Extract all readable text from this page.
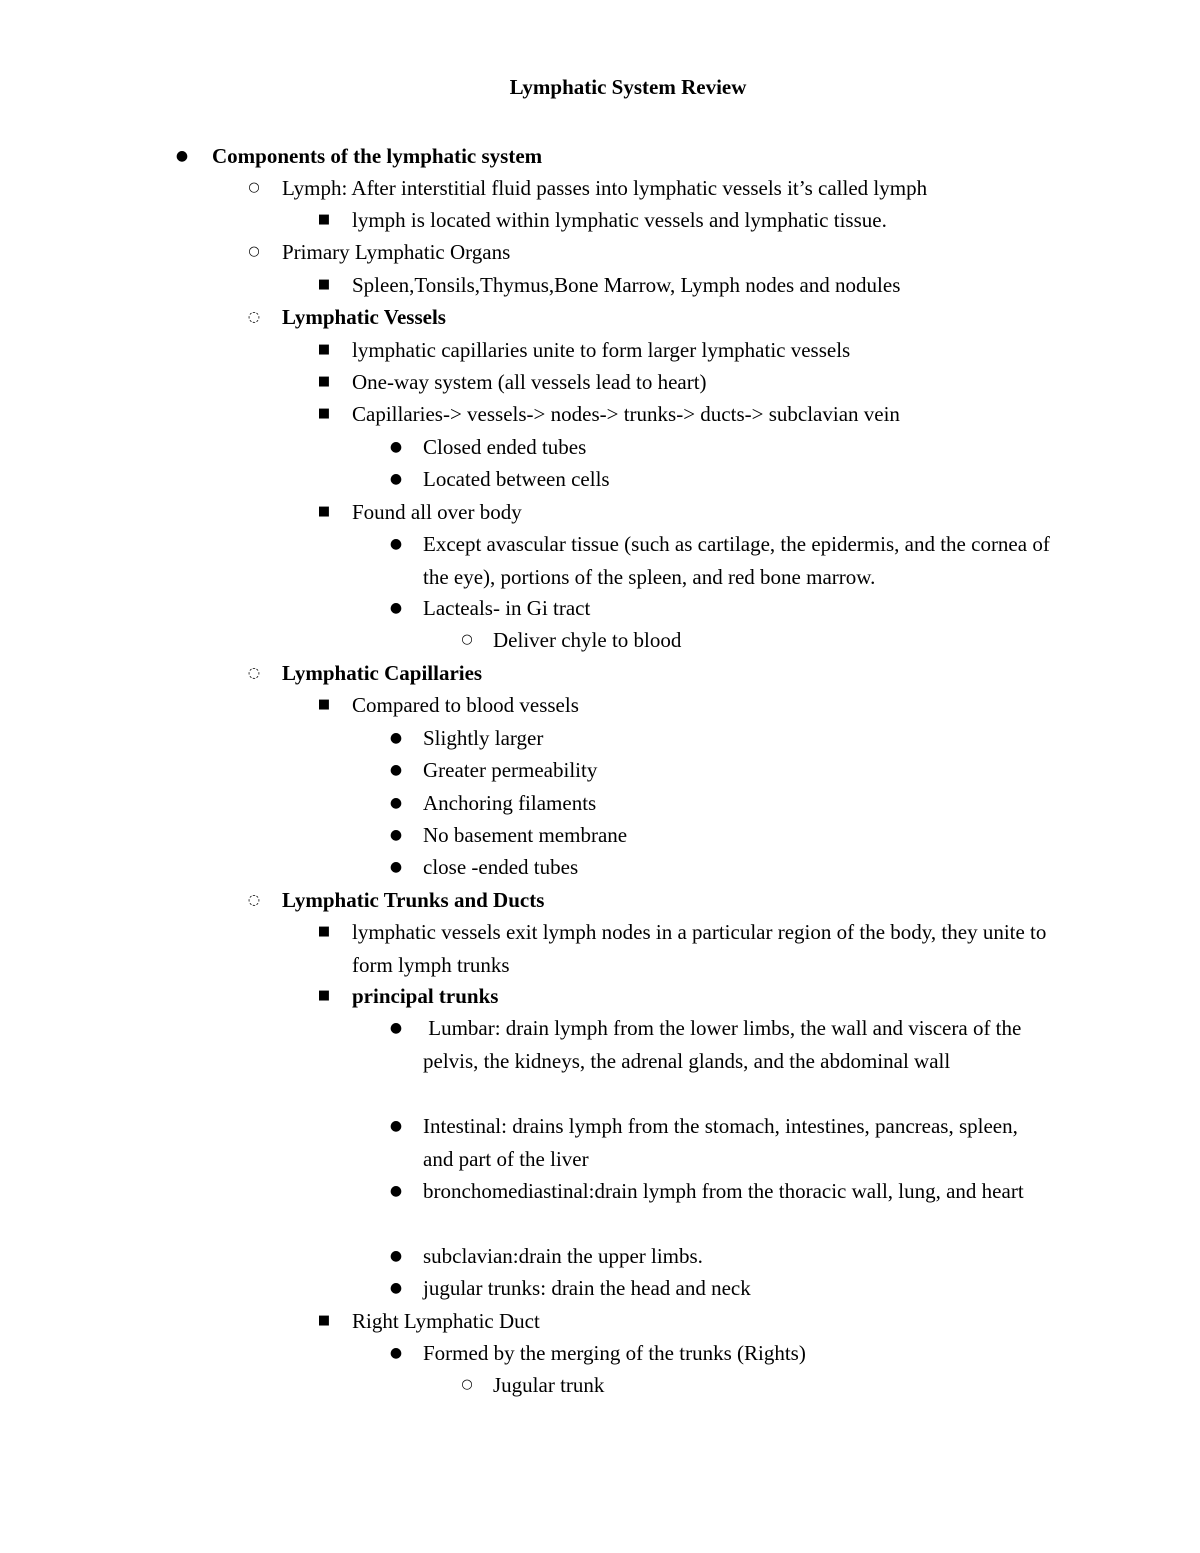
Lymphatic System Review
● Components of the lymphatic system
○	Lymph: After interstitial fluid passes into lymphatic vessels it’s called lymph
■ lymph is located within lymphatic vessels and lymphatic tissue.
○	Primary Lymphatic Organs
■ Spleen,Tonsils,Thymus,Bone Marrow, Lymph nodes and nodules
◌ Lymphatic Vessels
■ lymphatic capillaries unite to form larger lymphatic vessels
■ One-way system (all vessels lead to heart)
■ Capillaries-> vessels-> nodes-> trunks-> ducts-> subclavian vein
● Closed ended tubes
● Located between cells
■ Found all over body
● Except avascular tissue (such as cartilage, the epidermis, and the cornea of the eye), portions of the spleen, and red bone marrow.
● Lacteals- in Gi tract
○ Deliver chyle to blood
◌ Lymphatic Capillaries
■ Compared to blood vessels
● Slightly larger
● Greater permeability
● Anchoring filaments
● No basement membrane
● close -ended tubes
◌ Lymphatic Trunks and Ducts
■ lymphatic vessels exit lymph nodes in a particular region of the body, they unite to form lymph trunks
■ principal trunks
● Lumbar: drain lymph from the lower limbs, the wall and viscera of the pelvis, the kidneys, the adrenal glands, and the abdominal wall
● Intestinal: drains lymph from the stomach, intestines, pancreas, spleen, and part of the liver
● bronchomediastinal:drain lymph from the thoracic wall, lung, and heart
● subclavian:drain the upper limbs.
● jugular trunks: drain the head and neck
■ Right Lymphatic Duct
● Formed by the merging of the trunks (Rights)
○ Jugular trunk
